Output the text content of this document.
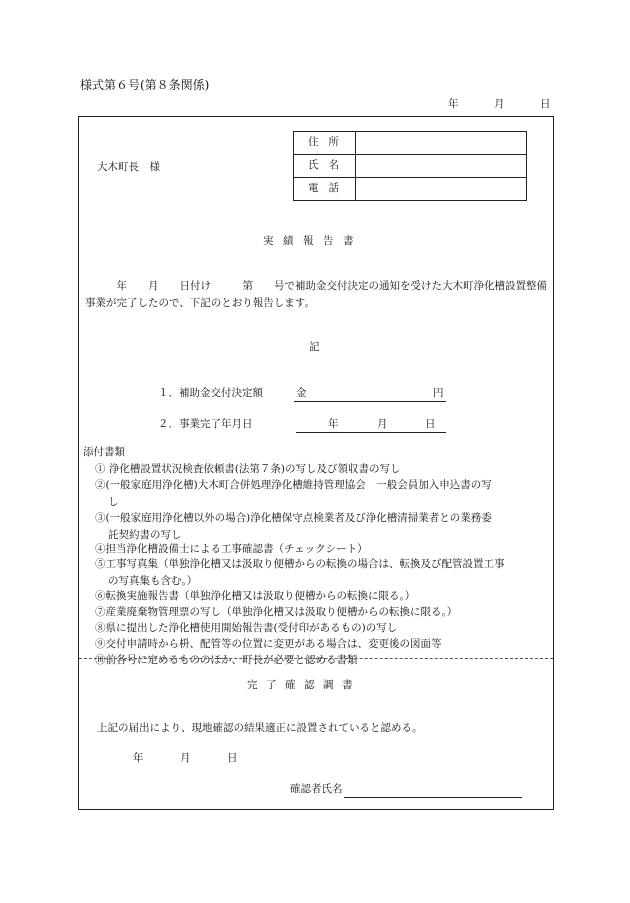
様式第６号(第８条関係)
年	月	日
大木町長　様
住所	
氏名	
電話	
実績報告書
　　　年　　月　　日付け　　　第　　号で補助金交付決定の通知を受けた大木町浄化槽設置整備事業が完了したので、下記のとおり報告します。
記
１．補助金交付決定額	金	円
２．事業完了年月日	年	月	日
添付書類
① 浄化槽設置状況検査依頼書(法第７条)の写し及び領収書の写し
②(一般家庭用浄化槽)大木町合併処理浄化槽維持管理協会　一般会員加入申込書の写
し
③(一般家庭用浄化槽以外の場合)浄化槽保守点検業者及び浄化槽清掃業者との業務委
託契約書の写し
④担当浄化槽設備士による工事確認書（チェックシート）
⑤工事写真集（単独浄化槽又は汲取り便槽からの転換の場合は、転換及び配管設置工事
の写真集も含む。）
⑥転換実施報告書（単独浄化槽又は汲取り便槽からの転換に限る。）
⑦産業廃棄物管理票の写し（単独浄化槽又は汲取り便槽からの転換に限る。）
⑧県に提出した浄化槽使用開始報告書(受付印があるもの)の写し
⑨交付申請時から枡、配管等の位置に変更がある場合は、変更後の図面等
⑩前各号に定めるもののほか、町長が必要と認める書類
完了確認調書
上記の届出により、現地確認の結果適正に設置されていると認める。
年	月	日
確認者氏名
